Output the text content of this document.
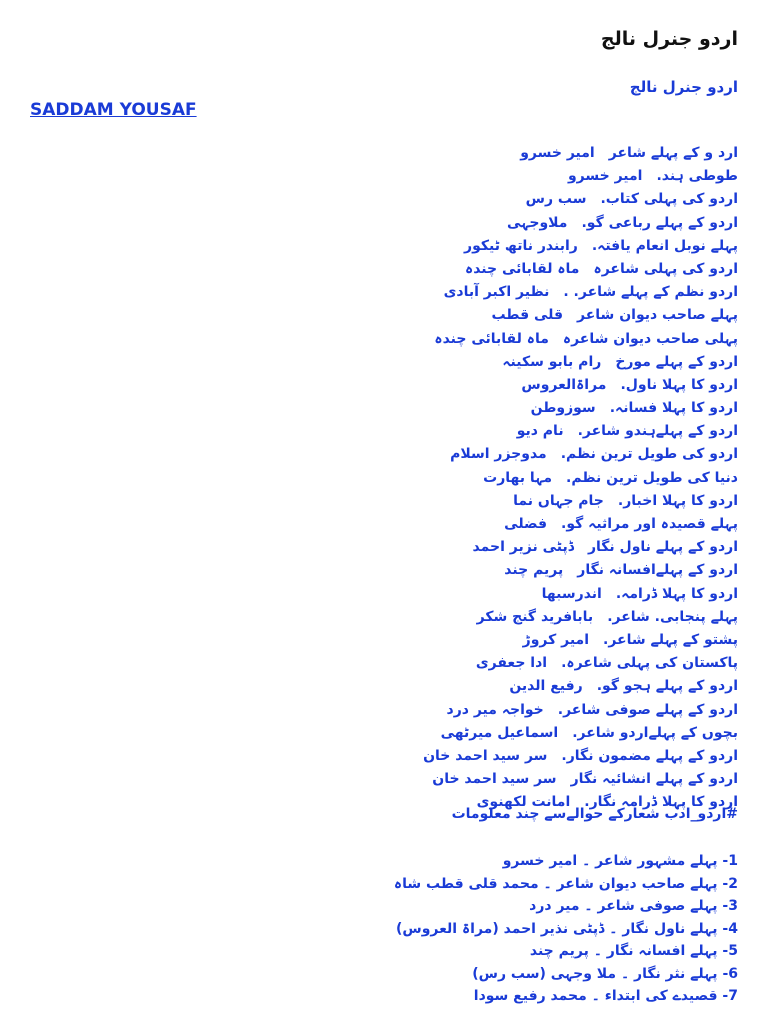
اردو جنرل نالج
اردو جنرل نالج
SADDAM YOUSAF
ارد و کے پہلے شاعرامیر خسرو
طوطی ہند.امیر خسرو
اردو کی پہلی کتاب.سب رس
اردو کے پہلے رباعی گو.ملاوجہی
پہلے نوبل انعام یافتہ.رابندر ناتھ ٹیکور
اردو کی پہلی شاعرہماہ لقابائی چندہ
اردو نظم کے پہلے شاعر. .نظیر اکبر آبادی
پہلے صاحب دیوان شاعرقلی قطب
پہلی صاحب دیوان شاعرہماہ لقابائی چندہ
اردو کے پہلے مورخرام بابو سکینہ
اردو کا پہلا ناول.مراۃالعروس
اردو کا پہلا فسانہ.سوزوطن
اردو کے پہلےہندو شاعر.نام دیو
اردو کی طویل ترین نظم.مدوجزر اسلام
دنیا کی طویل ترین نظم.مہا بھارت
اردو کا پہلا اخبار.جام جہاں نما
پہلے قصیدہ اور مراثیہ گو.فضلی
اردو کے پہلے ناول نگارڈپٹی نزیر احمد
اردو کے پہلےافسانہ نگارپریم چند
اردو کا پہلا ڈرامہ.اندرسبھا
پہلے پنجابی. شاعر.بابافرید گنج شکر
پشتو کے پہلے شاعر.امیر کروڑ
پاکستان کی پہلی شاعرہ.ادا جعفری
اردو کے پہلے ہجو گو.رفیع الدین
اردو کے پہلے صوفی شاعر.خواجہ میر درد
بچوں کے پہلےاردو شاعر.اسماعیل میرٹھی
اردو کے پہلے مضمون نگار.سر سید احمد خان
اردو کے پہلے انشائیہ نگارسر سید احمد خان
اردو کا پہلا ڈرامہ نگار.امانت لکھنوی
#اردو_ادب شعارکے حوالےسے چند معلومات
1- پہلے مشہور شاعر ۔ امیر خسرو
2- پہلے صاحب دیوان شاعر ۔ محمد قلی قطب شاہ
3- پہلے صوفی شاعر ۔ میر درد
4- پہلے ناول نگار ۔ ڈپٹی نذیر احمد (مراۃ العروس)
5- پہلے افسانہ نگار ۔ پریم چند
6- پہلے نثر نگار ۔ ملا وجہی (سب رس)
7- قصیدے کی ابتداء ۔ محمد رفیع سودا
